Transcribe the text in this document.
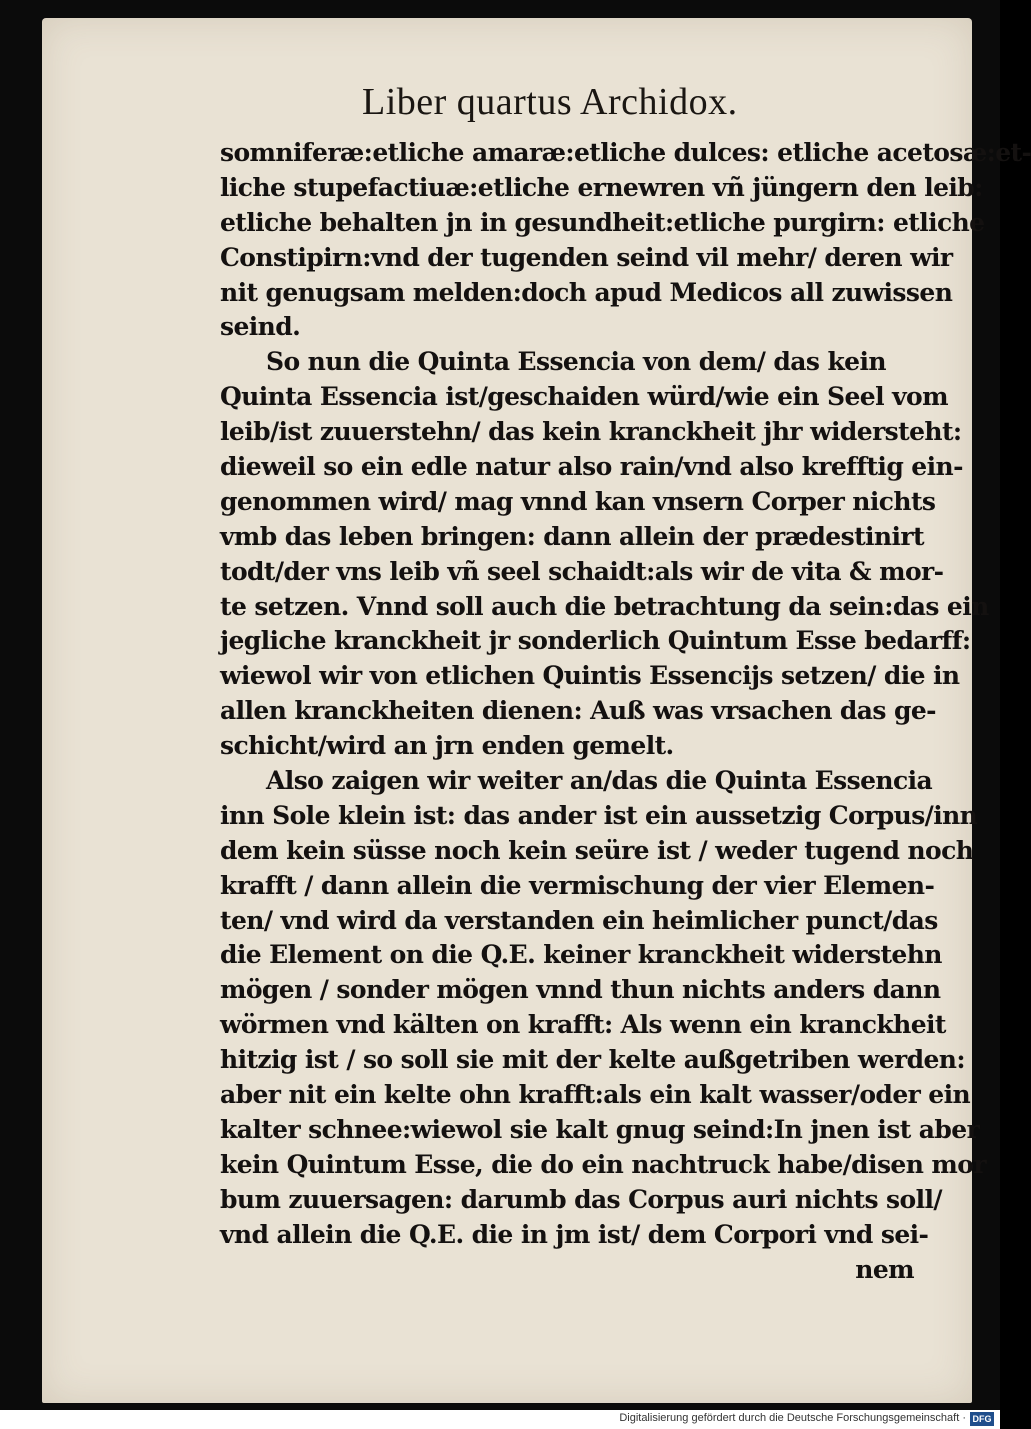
Liber quartus Archidox.
somniferæ:etliche amaræ:etliche dulces: etliche acetosæ:et-
liche stupefactiuæ:etliche ernewren vñ jüngern den leib:
etliche behalten jn in gesundheit:etliche purgirn: etliche
Constipirn:vnd der tugenden seind vil mehr/ deren wir
nit genugsam melden:doch apud Medicos all zuwissen
seind.
So nun die Quinta Essencia von dem/ das kein
Quinta Essencia ist/geschaiden würd/wie ein Seel vom
leib/ist zuuerstehn/ das kein kranckheit jhr widersteht:
dieweil so ein edle natur also rain/vnd also krefftig ein-
genommen wird/ mag vnnd kan vnsern Corper nichts
vmb das leben bringen: dann allein der prædestinirt
todt/der vns leib vñ seel schaidt:als wir de vita & mor-
te setzen. Vnnd soll auch die betrachtung da sein:das ein
jegliche kranckheit jr sonderlich Quintum Esse bedarff:
wiewol wir von etlichen Quintis Essencijs setzen/ die in
allen kranckheiten dienen: Auß was vrsachen das ge-
schicht/wird an jrn enden gemelt.
Also zaigen wir weiter an/das die Quinta Essencia
inn Sole klein ist: das ander ist ein aussetzig Corpus/inn
dem kein süsse noch kein seüre ist / weder tugend noch
krafft / dann allein die vermischung der vier Elemen-
ten/ vnd wird da verstanden ein heimlicher punct/das
die Element on die Q.E. keiner kranckheit widerstehn
mögen / sonder mögen vnnd thun nichts anders dann
wörmen vnd kälten on krafft: Als wenn ein kranckheit
hitzig ist / so soll sie mit der kelte außgetriben werden:
aber nit ein kelte ohn krafft:als ein kalt wasser/oder ein
kalter schnee:wiewol sie kalt gnug seind:In jnen ist aber
kein Quintum Esse, die do ein nachtruck habe/disen mor
bum zuuersagen: darumb das Corpus auri nichts soll/
vnd allein die Q.E. die in jm ist/ dem Corpori vnd sei-
nem
Digitalisierung gefördert durch die Deutsche Forschungsgemeinschaft · DFG
